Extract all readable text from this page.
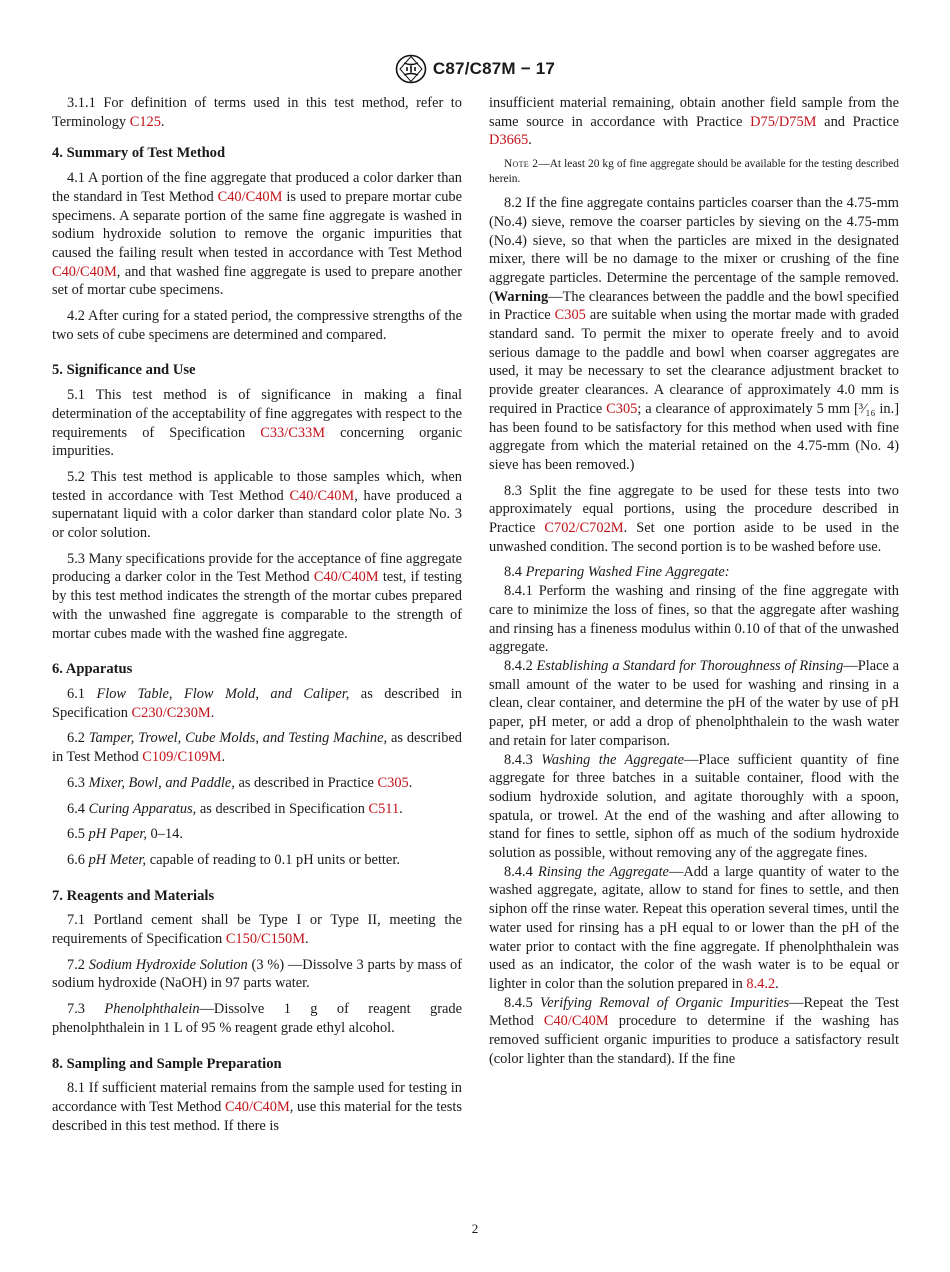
C87/C87M − 17

3.1.1 For definition of terms used in this test method, refer to Terminology C125.

4. Summary of Test Method

4.1 A portion of the fine aggregate that produced a color darker than the standard in Test Method C40/C40M is used to prepare mortar cube specimens. A separate portion of the same fine aggregate is washed in sodium hydroxide solution to remove the organic impurities that caused the failing result when tested in accordance with Test Method C40/C40M, and that washed fine aggregate is used to prepare another set of mortar cube specimens.

4.2 After curing for a stated period, the compressive strengths of the two sets of cube specimens are determined and compared.

5. Significance and Use

5.1 This test method is of significance in making a final determination of the acceptability of fine aggregates with respect to the requirements of Specification C33/C33M concerning organic impurities.

5.2 This test method is applicable to those samples which, when tested in accordance with Test Method C40/C40M, have produced a supernatant liquid with a color darker than standard color plate No. 3 or color solution.

5.3 Many specifications provide for the acceptance of fine aggregate producing a darker color in the Test Method C40/C40M test, if testing by this test method indicates the strength of the mortar cubes prepared with the unwashed fine aggregate is comparable to the strength of mortar cubes made with the washed fine aggregate.

6. Apparatus

6.1 Flow Table, Flow Mold, and Caliper, as described in Specification C230/C230M.

6.2 Tamper, Trowel, Cube Molds, and Testing Machine, as described in Test Method C109/C109M.

6.3 Mixer, Bowl, and Paddle, as described in Practice C305.

6.4 Curing Apparatus, as described in Specification C511.

6.5 pH Paper, 0–14.

6.6 pH Meter, capable of reading to 0.1 pH units or better.

7. Reagents and Materials

7.1 Portland cement shall be Type I or Type II, meeting the requirements of Specification C150/C150M.

7.2 Sodium Hydroxide Solution (3 %) —Dissolve 3 parts by mass of sodium hydroxide (NaOH) in 97 parts water.

7.3 Phenolphthalein—Dissolve 1 g of reagent grade phenolphthalein in 1 L of 95 % reagent grade ethyl alcohol.

8. Sampling and Sample Preparation

8.1 If sufficient material remains from the sample used for testing in accordance with Test Method C40/C40M, use this material for the tests described in this test method. If there is

insufficient material remaining, obtain another field sample from the same source in accordance with Practice D75/D75M and Practice D3665.

Note 2—At least 20 kg of fine aggregate should be available for the testing described herein.

8.2 If the fine aggregate contains particles coarser than the 4.75-mm (No.4) sieve, remove the coarser particles by sieving on the 4.75-mm (No.4) sieve, so that when the particles are mixed in the designated mixer, there will be no damage to the mixer or crushing of the fine aggregate particles. Determine the percentage of the sample removed. (Warning—The clearances between the paddle and the bowl specified in Practice C305 are suitable when using the mortar made with graded standard sand. To permit the mixer to operate freely and to avoid serious damage to the paddle and bowl when coarser aggregates are used, it may be necessary to set the clearance adjustment bracket to provide greater clearances. A clearance of approximately 4.0 mm is required in Practice C305; a clearance of approximately 5 mm [³⁄₁₆ in.] has been found to be satisfactory for this method when used with fine aggregate from which the material retained on the 4.75-mm (No. 4) sieve has been removed.)

8.3 Split the fine aggregate to be used for these tests into two approximately equal portions, using the procedure described in Practice C702/C702M. Set one portion aside to be used in the unwashed condition. The second portion is to be washed before use.

8.4 Preparing Washed Fine Aggregate:

8.4.1 Perform the washing and rinsing of the fine aggregate with care to minimize the loss of fines, so that the aggregate after washing and rinsing has a fineness modulus within 0.10 of that of the unwashed aggregate.

8.4.2 Establishing a Standard for Thoroughness of Rinsing—Place a small amount of the water to be used for washing and rinsing in a clean, clear container, and determine the pH of the water by use of pH paper, pH meter, or add a drop of phenolphthalein to the wash water and retain for later comparison.

8.4.3 Washing the Aggregate—Place sufficient quantity of fine aggregate for three batches in a suitable container, flood with the sodium hydroxide solution, and agitate thoroughly with a spoon, spatula, or trowel. At the end of the washing and after allowing to stand for fines to settle, siphon off as much of the sodium hydroxide solution as possible, without removing any of the aggregate fines.

8.4.4 Rinsing the Aggregate—Add a large quantity of water to the washed aggregate, agitate, allow to stand for fines to settle, and then siphon off the rinse water. Repeat this operation several times, until the water used for rinsing has a pH equal to or lower than the pH of the water prior to contact with the fine aggregate. If phenolphthalein was used as an indicator, the color of the wash water is to be equal or lighter in color than the solution prepared in 8.4.2.

8.4.5 Verifying Removal of Organic Impurities—Repeat the Test Method C40/C40M procedure to determine if the washing has removed sufficient organic impurities to produce a satisfactory result (color lighter than the standard). If the fine

2
